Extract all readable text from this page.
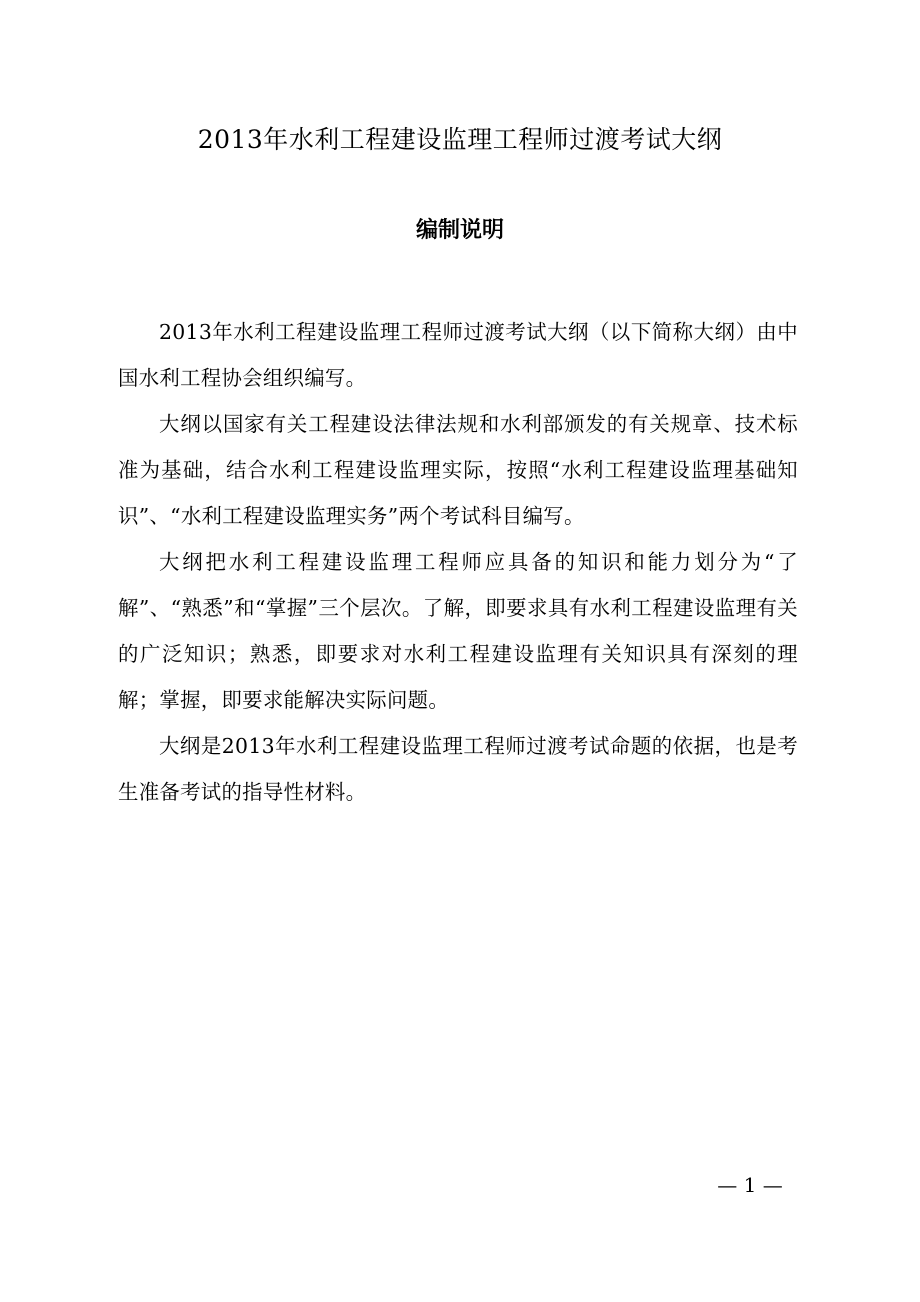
2013年水利工程建设监理工程师过渡考试大纲
编制说明

2013年水利工程建设监理工程师过渡考试大纲（以下简称大纲）由中国水利工程协会组织编写。

大纲以国家有关工程建设法律法规和水利部颁发的有关规章、技术标准为基础，结合水利工程建设监理实际，按照“水利工程建设监理基础知识”、“水利工程建设监理实务”两个考试科目编写。

大纲把水利工程建设监理工程师应具备的知识和能力划分为“了解”、“熟悉”和“掌握”三个层次。了解，即要求具有水利工程建设监理有关的广泛知识；熟悉，即要求对水利工程建设监理有关知识具有深刻的理解；掌握，即要求能解决实际问题。

大纲是2013年水利工程建设监理工程师过渡考试命题的依据，也是考生准备考试的指导性材料。

— 1 —
